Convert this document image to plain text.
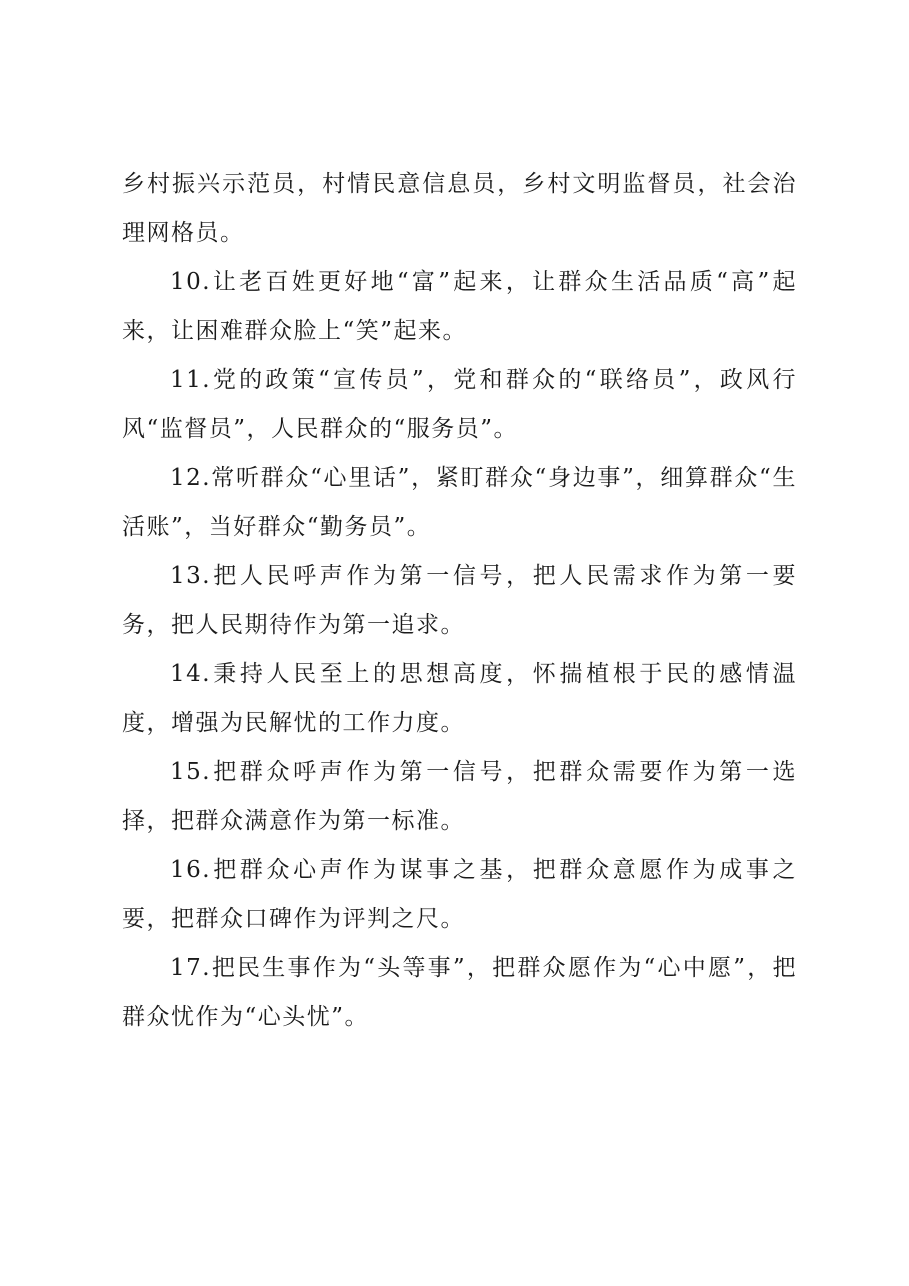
乡村振兴示范员，村情民意信息员，乡村文明监督员，社会治理网格员。

10.让老百姓更好地“富”起来，让群众生活品质“高”起来，让困难群众脸上“笑”起来。

11.党的政策“宣传员”，党和群众的“联络员”，政风行风“监督员”，人民群众的“服务员”。

12.常听群众“心里话”，紧盯群众“身边事”，细算群众“生活账”，当好群众“勤务员”。

13.把人民呼声作为第一信号，把人民需求作为第一要务，把人民期待作为第一追求。

14.秉持人民至上的思想高度，怀揣植根于民的感情温度，增强为民解忧的工作力度。

15.把群众呼声作为第一信号，把群众需要作为第一选择，把群众满意作为第一标准。

16.把群众心声作为谋事之基，把群众意愿作为成事之要，把群众口碑作为评判之尺。

17.把民生事作为“头等事”，把群众愿作为“心中愿”，把群众忧作为“心头忧”。
